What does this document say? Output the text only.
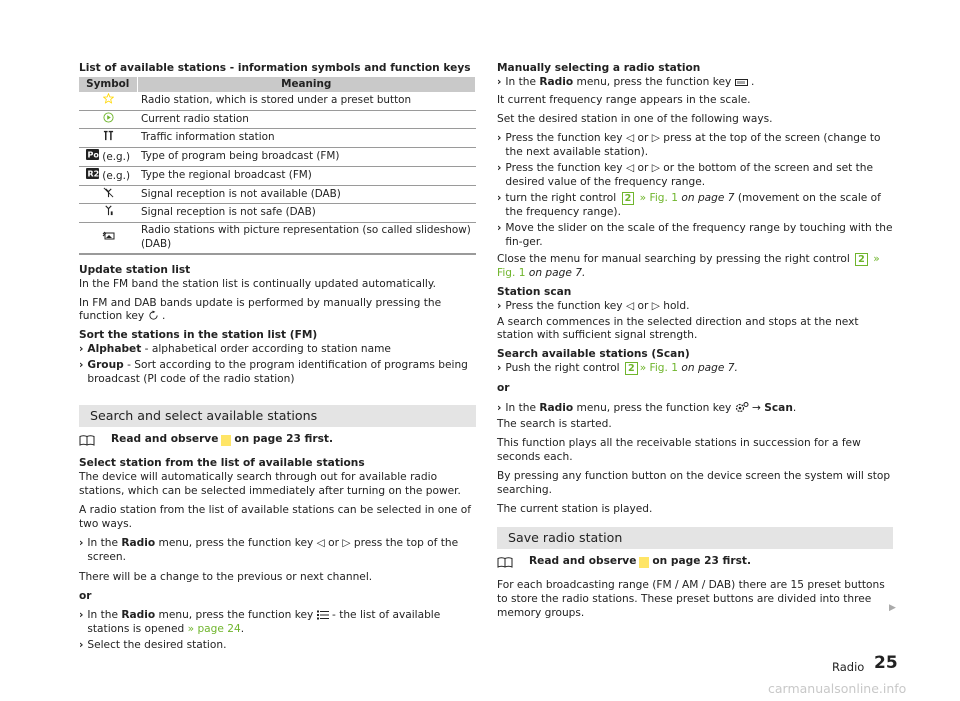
List of available stations - information symbols and function keys
Symbol	Meaning
	Radio station, which is stored under a preset button
	Current radio station
	Traffic information station

Po (e.g.)	Type of program being broadcast (FM)

R2 (e.g.)	Type the regional broadcast (FM)
	Signal reception is not available (DAB)
	Signal reception is not safe (DAB)
	Radio stations with picture representation (so called slideshow) (DAB)
Update station list

In the FM band the station list is continually updated automatically.

In FM and DAB bands update is performed by manually pressing the function key .

Sort the stations in the station list (FM)
› Alphabet - alphabetical order according to station name
› Group - Sort according to the program identification of programs being broadcast (PI code of the radio station)
Search and select available stations
Read and observe on page 23 first.
Select station from the list of available stations

The device will automatically search through out for available radio stations, which can be selected immediately after turning on the power.

A radio station from the list of available stations can be selected in one of two ways.

› In the Radio menu, press the function key ◁ or ▷ press the top of the screen.

There will be a change to the previous or next channel.

or

› In the Radio menu, press the function key - the list of available stations is opened » page 24.
› Select the desired station.
Manually selecting a radio station
› In the Radio menu, press the function key .

It current frequency range appears in the scale.

Set the desired station in one of the following ways.

› Press the function key ◁ or ▷ press at the top of the screen (change to the next available station).
› Press the function key ◁ or ▷ or the bottom of the screen and set the desired value of the frequency range.
› turn the right control 2 » Fig. 1 on page 7 (movement on the scale of the frequency range).
› Move the slider on the scale of the frequency range by touching with the fin-ger.

Close the menu for manual searching by pressing the right control 2 » Fig. 1 on page 7.

Station scan
› Press the function key ◁ or ▷ hold.

A search commences in the selected direction and stops at the next station with sufficient signal strength.

Search available stations (Scan)
› Push the right control 2 » Fig. 1 on page 7.

or

› In the Radio menu, press the function key → Scan.

The search is started.

This function plays all the receivable stations in succession for a few seconds each.

By pressing any function button on the device screen the system will stop searching.

The current station is played.

Save radio station
Read and observe on page 23 first.

For each broadcasting range (FM / AM / DAB) there are 15 preset buttons to store the radio stations. These preset buttons are divided into three memory groups.	▶
Radio 25
carmanualsonline.info
